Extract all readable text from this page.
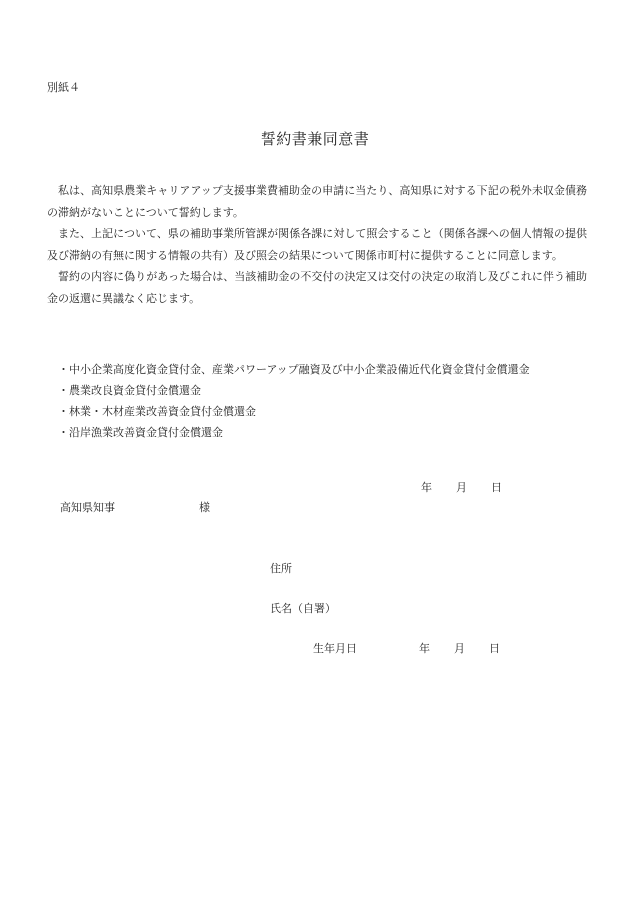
別紙４
誓約書兼同意書

私は、高知県農業キャリアアップ支援事業費補助金の申請に当たり、高知県に対する下記の税外未収金債務の滞納がないことについて誓約します。

また、上記について、県の補助事業所管課が関係各課に対して照会すること（関係各課への個人情報の提供及び滞納の有無に関する情報の共有）及び照会の結果について関係市町村に提供することに同意します。

誓約の内容に偽りがあった場合は、当該補助金の不交付の決定又は交付の決定の取消し及びこれに伴う補助金の返還に異議なく応じます。

・ 中小企業高度化資金貸付金、産業パワーアップ融資及び中小企業設備近代化資金貸付金償還金
・ 農業改良資金貸付金償還金
・ 林業・木材産業改善資金貸付金償還金
・ 沿岸漁業改善資金貸付金償還金
年 月 日
高知県知事	様
住所
氏名（自署）
生年月日	年 月 日
